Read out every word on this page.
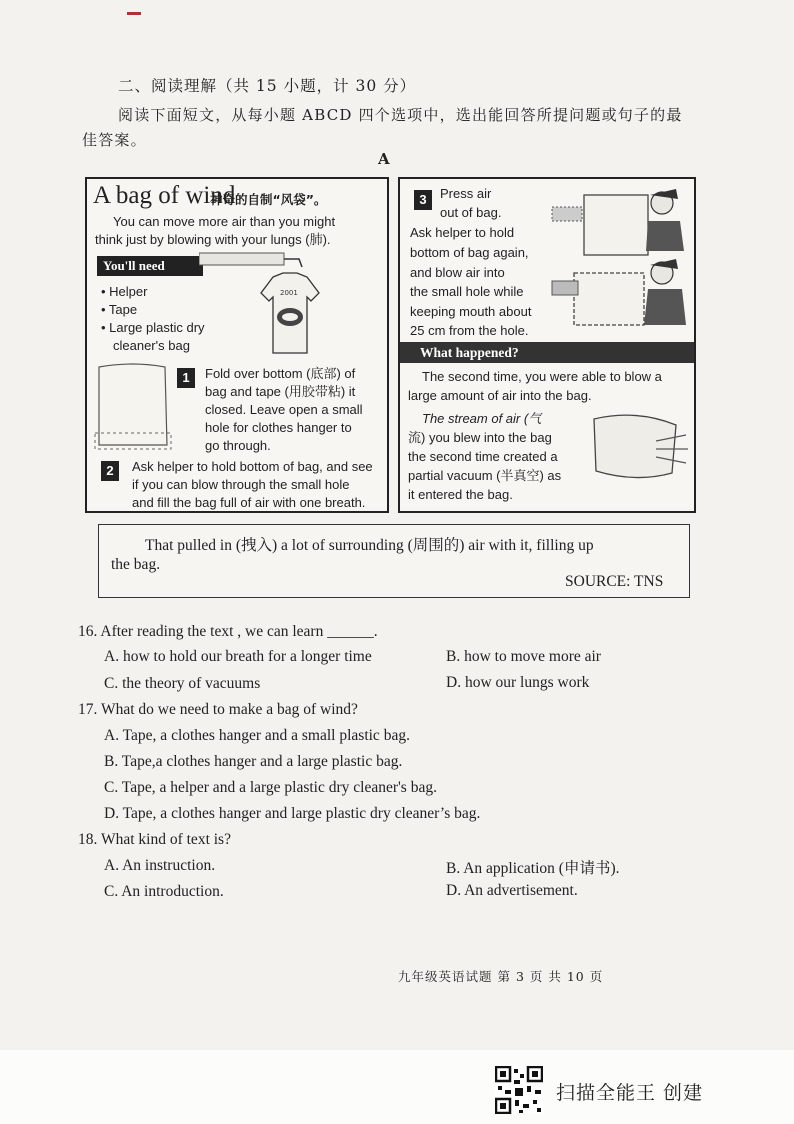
二、阅读理解（共 15 小题，计 30 分）
阅读下面短文，从每小题 ABCD 四个选项中，选出能回答所提问题或句子的最
佳答案。
A
A bag of wind
神奇的自制“风袋”。
You can move more air than you might
think just by blowing with your lungs (肺).
You'll need
• Helper
• Tape
• Large plastic dry
cleaner's bag
2001
1	Fold over bottom (底部) of
bag and tape (用胶带粘) it
closed. Leave open a small
hole for clothes hanger to
go through.
2	Ask helper to hold bottom of bag, and see
if you can blow through the small hole
and fill the bag full of air with one breath.
3	Press air
out of bag.
Ask helper to hold
bottom of bag again,
and blow air into
the small hole while
keeping mouth about
25 cm from the hole.
What happened?
The second time, you were able to blow a
large amount of air into the bag.
The stream of air (气
流) you blew into the bag
the second time created a
partial vacuum (半真空) as
it entered the bag.
That pulled in (拽入) a lot of surrounding (周围的) air with it, filling up
the bag.
SOURCE: TNS
16. After reading the text , we can learn ______.
A. how to hold our breath for a longer time	B. how to move more air
C. the theory of vacuums	D. how our lungs work
17. What do we need to make a bag of wind?
A. Tape, a clothes hanger and a small plastic bag.
B. Tape,a clothes hanger and a large plastic bag.
C. Tape, a helper and a large plastic dry cleaner's bag.
D. Tape, a clothes hanger and large plastic dry cleaner’s bag.
18. What kind of text is?
A. An instruction.	B. An application (申请书).
C. An introduction.	D. An advertisement.
九年级英语试题 第 3 页 共 10 页
扫描全能王 创建
